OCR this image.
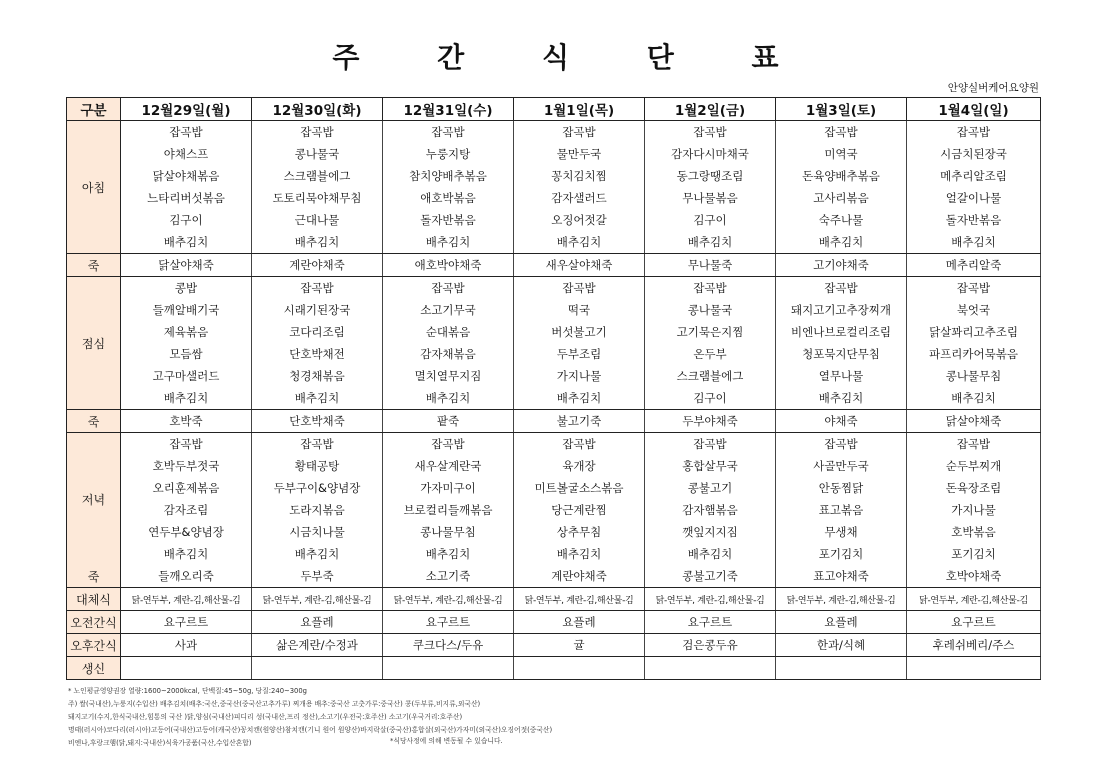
주 간 식 단 표
안양실버케어요양원
구분	12월29일(월)	12월30일(화)	12월31일(수)	1월1일(목)	1월2일(금)	1월3일(토)	1월4일(일)
아침	잡곡밥	잡곡밥	잡곡밥	잡곡밥	잡곡밥	잡곡밥	잡곡밥
	야채스프	콩나물국	누룽지탕	물만두국	감자다시마채국	미역국	시금치된장국
	닭살야채볶음	스크램블에그	참치양배추볶음	꽁치김치찜	동그랑땡조림	돈육양배추볶음	메추리알조림
	느타리버섯볶음	도토리묵야채무침	애호박볶음	감자샐러드	무나물볶음	고사리볶음	얼갈이나물
	김구이	근대나물	돌자반볶음	오징어젓갈	김구이	숙주나물	돌자반볶음
	배추김치	배추김치	배추김치	배추김치	배추김치	배추김치	배추김치
죽	닭살야채죽	계란야채죽	애호박야채죽	새우살야채죽	무나물죽	고기야채죽	메추리알죽
점심	콩밥	잡곡밥	잡곡밥	잡곡밥	잡곡밥	잡곡밥	잡곡밥
	들깨알배기국	시래기된장국	소고기무국	떡국	콩나물국	돼지고기고추장찌개	북엇국
	제육볶음	코다리조림	순대볶음	버섯불고기	고기묵은지찜	비엔나브로컬리조림	닭살꽈리고추조림
	모듬쌈	단호박채전	감자채볶음	두부조림	온두부	청포묵지단무침	파프리카어묵볶음
	고구마샐러드	청경채볶음	멸치열무지짐	가지나물	스크램블에그	열무나물	콩나물무침
	배추김치	배추김치	배추김치	배추김치	김구이	배추김치	배추김치
죽	호박죽	단호박채죽	팥죽	불고기죽	두부야채죽	야채죽	닭살야채죽
저녁	잡곡밥	잡곡밥	잡곡밥	잡곡밥	잡곡밥	잡곡밥	잡곡밥
	호박두부젓국	황태공탕	새우살계란국	육개장	홍합살무국	사골만두국	순두부찌개
	오리훈제볶음	두부구이&양념장	가자미구이	미트볼굴소스볶음	콩불고기	안동찜닭	돈육장조림
	감자조림	도라지볶음	브로컬리들깨볶음	당근계란찜	감자햄볶음	표고볶음	가지나물
	연두부&양념장	시금치나물	콩나물무침	상추무침	깻잎지지짐	무생채	호박볶음
	배추김치	배추김치	배추김치	배추김치	배추김치	포기김치	포기김치
죽	들깨오리죽	두부죽	소고기죽	계란야채죽	콩불고기죽	표고야채죽	호박야채죽
대체식	닭-연두부, 계란-김,해산물-김	닭-연두부, 계란-김,해산물-김	닭-연두부, 계란-김,해산물-김	닭-연두부, 계란-김,해산물-김	닭-연두부, 계란-김,해산물-김	닭-연두부, 계란-김,해산물-김	닭-연두부, 계란-김,해산물-김
오전간식	요구르트	요플레	요구르트	요플레	요구르트	요플레	요구르트
오후간식	사과	삶은계란/수정과	쿠크다스/두유	귤	검은콩두유	한과/식혜	후레쉬베리/주스
생신							
* 노인평균영양권장 열량:1600~2000kcal, 단백질:45~50g, 당질:240~300g
주) 쌀(국내산),누룽지(수입산) 배추김치(배추:국산,중국산(중국산고추가루) 찌개용 배추:중국산 고춧가루:중국산) 콩(두부류,비지류,외국산)
돼지고기(수지,한식국내산,힘통의 국산 )닭,양심(국내산)피디리 성(국내산,프리 정산),소고기(우전국:호주산) 소고기(우국거리:호주산)
명태(러시아)코다리(러시아)고등어(국내산)고등어(캐국산)꽁치캔(원양산)참치캔(기니 원어 원양산)바지락살(중국산)홍합살(외국산)가자미(외국산)오징어젓(중국산)
비엔나,후랑크햄(닭,돼지:국내산)식육가공품(국산,수입산혼합)	*식당사정에 의해 변동될 수 있습니다.
